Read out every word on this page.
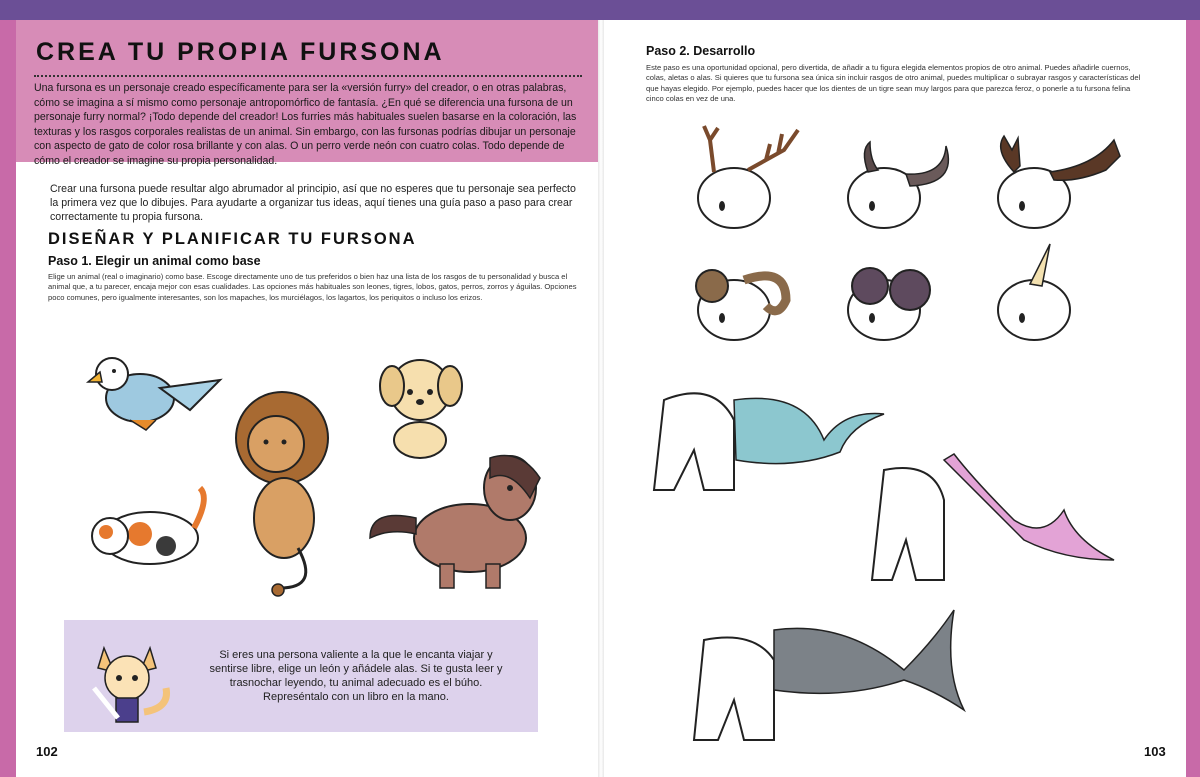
CREA TU PROPIA FURSONA

Una fursona es un personaje creado específicamente para ser la «versión furry» del creador, o en otras palabras, cómo se imagina a sí mismo como personaje antropomórfico de fantasía. ¿En qué se diferencia una fursona de un personaje furry normal? ¡Todo depende del creador! Los furries más habituales suelen basarse en la coloración, las texturas y los rasgos corporales realistas de un animal. Sin embargo, con las fursonas podrías dibujar un personaje con aspecto de gato de color rosa brillante y con alas. O un perro verde neón con cuatro colas. Todo depende de cómo el creador se imagine su propia personalidad.

Crear una fursona puede resultar algo abrumador al principio, así que no esperes que tu personaje sea perfecto la primera vez que lo dibujes. Para ayudarte a organizar tus ideas, aquí tienes una guía paso a paso para crear correctamente tu propia fursona.

DISEÑAR Y PLANIFICAR TU FURSONA
Paso 1. Elegir un animal como base

Elige un animal (real o imaginario) como base. Escoge directamente uno de tus preferidos o bien haz una lista de los rasgos de tu personalidad y busca el animal que, a tu parecer, encaja mejor con esas cualidades. Las opciones más habituales son leones, tigres, lobos, gatos, perros, zorros y águilas. Opciones poco comunes, pero igualmente interesantes, son los mapaches, los murciélagos, los lagartos, los periquitos o incluso los erizos.

Si eres una persona valiente a la que le encanta viajar y sentirse libre, elige un león y añádele alas. Si te gusta leer y trasnochar leyendo, tu animal adecuado es el búho. Represéntalo con un libro en la mano.

102
Paso 2. Desarrollo

Este paso es una oportunidad opcional, pero divertida, de añadir a tu figura elegida elementos propios de otro animal. Puedes añadirle cuernos, colas, aletas o alas. Si quieres que tu fursona sea única sin incluir rasgos de otro animal, puedes multiplicar o subrayar rasgos y características del que hayas elegido. Por ejemplo, puedes hacer que los dientes de un tigre sean muy largos para que parezca feroz, o ponerle a tu fursona felina cinco colas en vez de una.

103
